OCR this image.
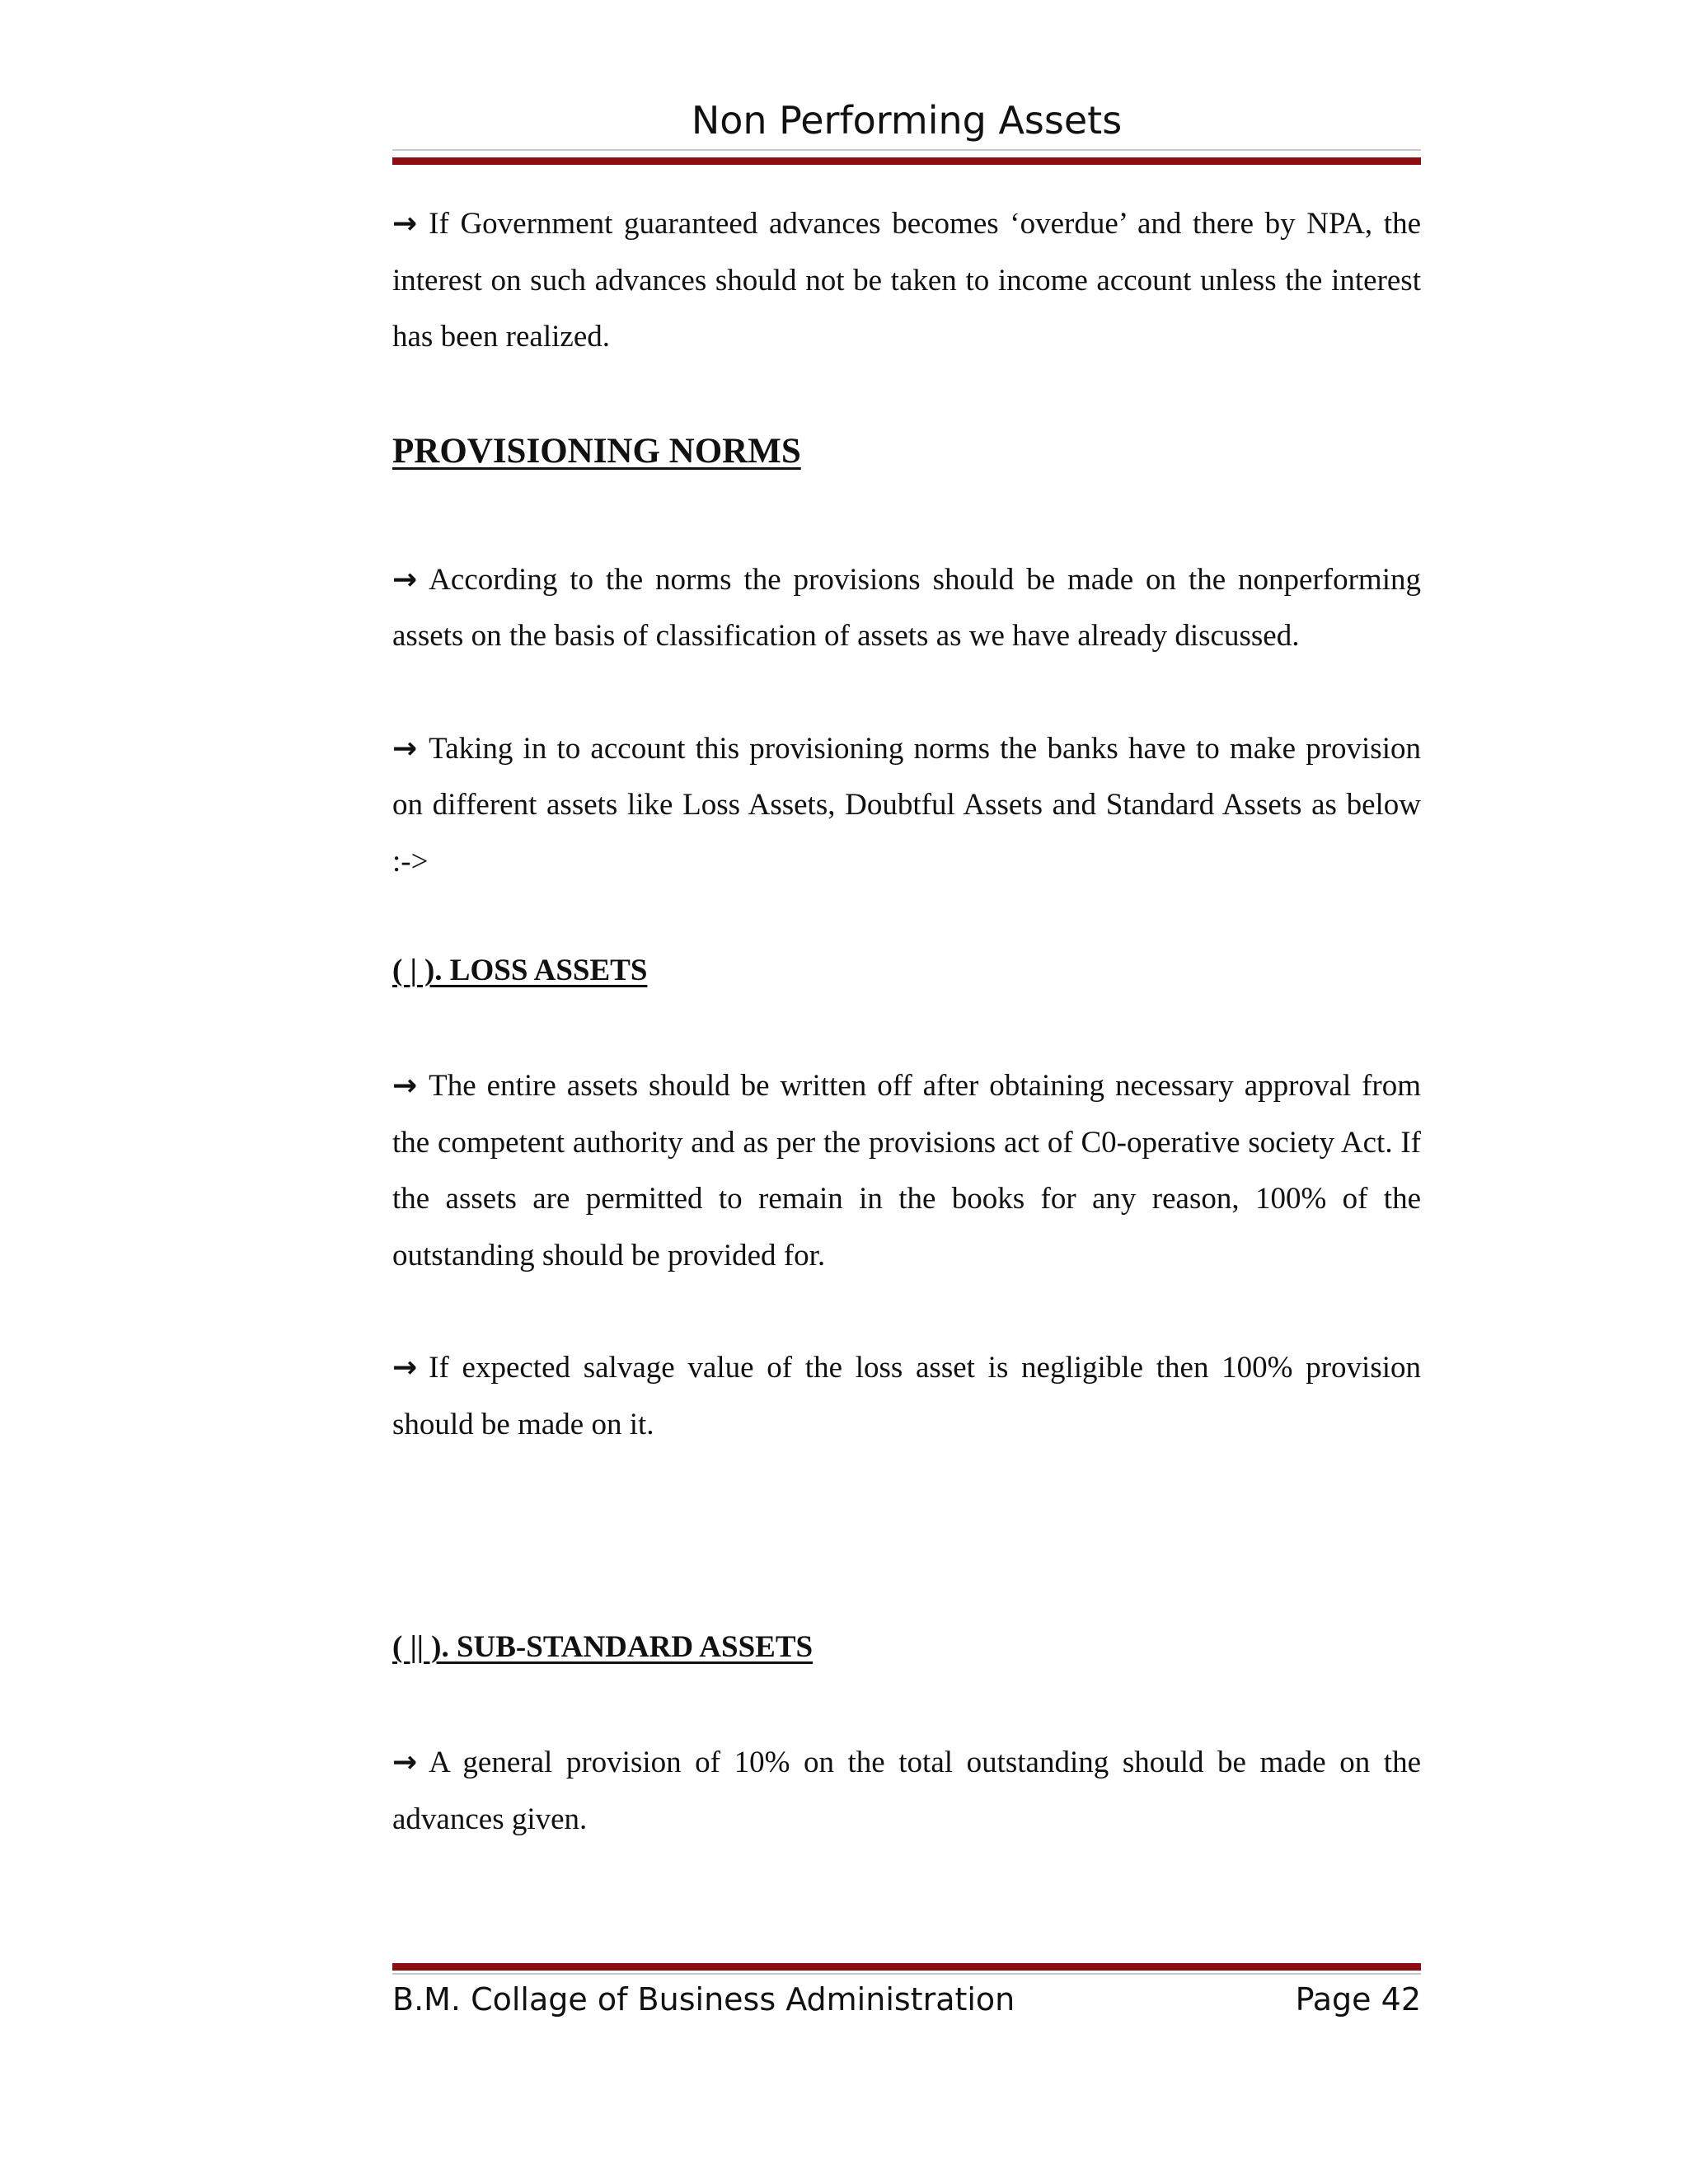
Non Performing Assets

→ If Government guaranteed advances becomes ‘overdue’ and there by NPA, the interest on such advances should not be taken to income account unless the interest has been realized.

PROVISIONING NORMS

→ According to the norms the provisions should be made on the nonperforming assets on the basis of classification of assets as we have already discussed.

→ Taking in to account this provisioning norms the banks have to make provision on different assets like Loss Assets, Doubtful Assets and Standard Assets as below :->

( | ). LOSS ASSETS

→ The entire assets should be written off after obtaining necessary approval from the competent authority and as per the provisions act of C0-operative society Act. If the assets are permitted to remain in the books for any reason, 100% of the outstanding should be provided for.

→ If expected salvage value of the loss asset is negligible then 100% provision should be made on it.

( || ). SUB-STANDARD ASSETS

→ A general provision of 10% on the total outstanding should be made on the advances given.

B.M. Collage of Business Administration	Page 42
